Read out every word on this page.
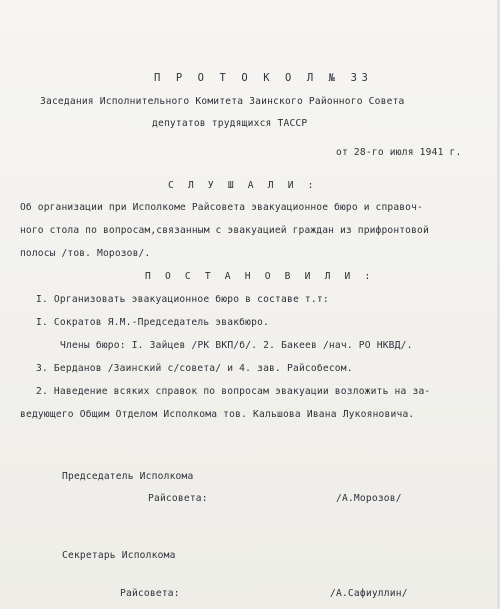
П Р О Т О К О Л № 33
Заседания Исполнительного Комитета Заинского Районного Совета
депутатов трудящихся ТАССР
от 28-го июля 1941 г.
С Л У Ш А Л И :
Об организации при Исполкоме Райсовета эвакуационное бюро и справоч-
ного стола по вопросам,связанным с эвакуацией граждан из прифронтовой
полосы /тов. Морозов/.
П О С Т А Н О В И Л И :
I. Организовать эвакуационное бюро в составе т.т:
I. Сократов Я.М.-Председатель эвакбюро.
Члены бюро: I. Зайцев /РК ВКП/б/. 2. Бакеев /нач. РО НКВД/.
3. Берданов /Заинский с/совета/ и 4. зав. Райсобесом.
2. Наведение всяких справок по вопросам эвакуации возложить на за-
ведующего Общим Отделом Исполкома тов. Кальшова Ивана Лукояновича.
Председатель Исполкома
Райсовета:	/А.Морозов/
Секретарь Исполкома
Райсовета:	/А.Сафиуллин/
